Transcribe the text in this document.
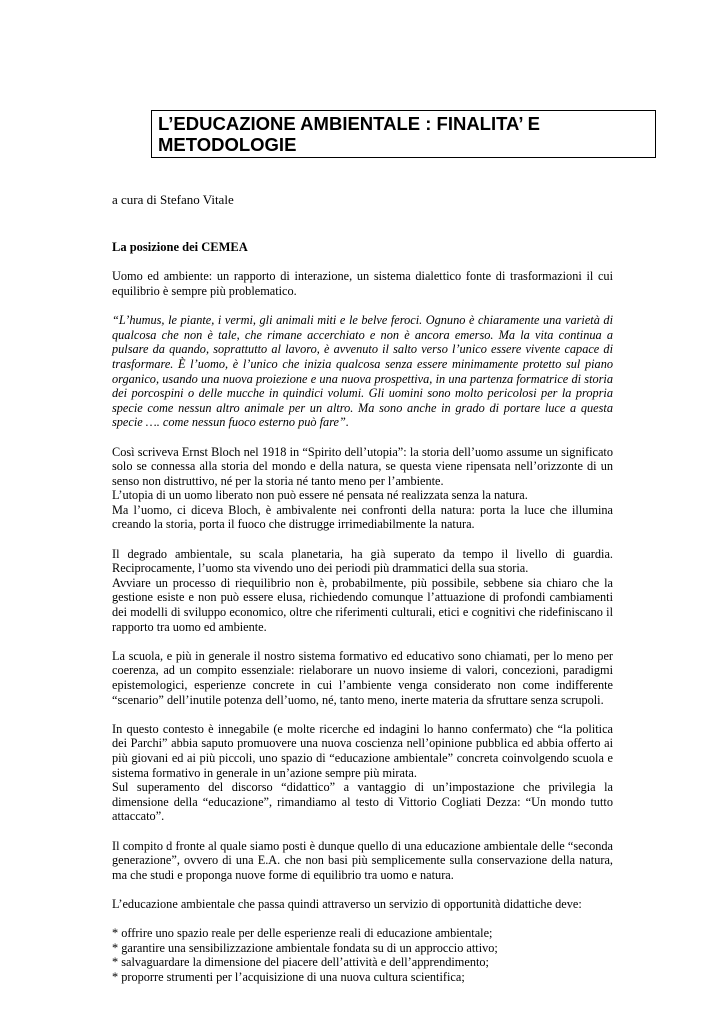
L’EDUCAZIONE AMBIENTALE : FINALITA’ E METODOLOGIE

a cura di Stefano Vitale

La posizione dei CEMEA

Uomo ed ambiente: un rapporto di interazione, un sistema dialettico fonte di trasformazioni il cui equilibrio è sempre più problematico.

“L’humus, le piante, i vermi, gli animali miti e le belve feroci. Ognuno è chiaramente una varietà di qualcosa che non è tale, che rimane accerchiato e non è ancora emerso. Ma la vita continua a pulsare da quando, soprattutto al lavoro, è avvenuto il salto verso l’unico essere vivente capace di trasformare. È l’uomo, è l’unico che inizia qualcosa senza essere minimamente protetto sul piano organico, usando una nuova proiezione e una nuova prospettiva, in una partenza formatrice di storia dei porcospini o delle mucche in quindici volumi. Gli uomini sono molto pericolosi per la propria specie come nessun altro animale per un altro. Ma sono anche in grado di portare luce a questa specie …. come nessun fuoco esterno può fare”.

Così scriveva Ernst Bloch nel 1918 in “Spirito dell’utopia”: la storia dell’uomo assume un significato solo se connessa alla storia del mondo e della natura, se questa viene ripensata nell’orizzonte di un senso non distruttivo, né per la storia né tanto meno per l’ambiente.

L’utopia di un uomo liberato non può essere né pensata né realizzata senza la natura.

Ma l’uomo, ci diceva Bloch, è ambivalente nei confronti della natura: porta la luce che illumina creando la storia, porta il fuoco che distrugge irrimediabilmente la natura.

Il degrado ambientale, su scala planetaria, ha già superato da tempo il livello di guardia. Reciprocamente, l’uomo sta vivendo uno dei periodi più drammatici della sua storia.

Avviare un processo di riequilibrio non è, probabilmente, più possibile, sebbene sia chiaro che la gestione esiste e non può essere elusa, richiedendo comunque l’attuazione di profondi cambiamenti dei modelli di sviluppo economico, oltre che riferimenti culturali, etici e cognitivi che ridefiniscano il rapporto tra uomo ed ambiente.

La scuola, e più in generale il nostro sistema formativo ed educativo sono chiamati, per lo meno per coerenza, ad un compito essenziale: rielaborare un nuovo insieme di valori, concezioni, paradigmi epistemologici, esperienze concrete in cui l’ambiente venga considerato non come indifferente “scenario” dell’inutile potenza dell’uomo, né, tanto meno, inerte materia da sfruttare senza scrupoli.

In questo contesto è innegabile (e molte ricerche ed indagini lo hanno confermato) che “la politica dei Parchi” abbia saputo promuovere una nuova coscienza nell’opinione pubblica ed abbia offerto ai più giovani ed ai più piccoli, uno spazio di “educazione ambientale” concreta coinvolgendo scuola e sistema formativo in generale in un’azione sempre più mirata.

Sul superamento del discorso “didattico” a vantaggio di un’impostazione che privilegia la dimensione della “educazione”, rimandiamo al testo di Vittorio Cogliati Dezza: “Un mondo tutto attaccato”.

Il compito d fronte al quale siamo posti è dunque quello di una educazione ambientale delle “seconda generazione”, ovvero di una E.A. che non basi più semplicemente sulla conservazione della natura, ma che studi e proponga nuove forme di equilibrio tra uomo e natura.

L’educazione ambientale che passa quindi attraverso un servizio di opportunità didattiche deve:

* offrire uno spazio reale per delle esperienze reali di educazione ambientale;

* garantire una sensibilizzazione ambientale fondata su di un approccio attivo;

* salvaguardare la dimensione del piacere dell’attività e dell’apprendimento;

* proporre strumenti per l’acquisizione di una nuova cultura scientifica;
